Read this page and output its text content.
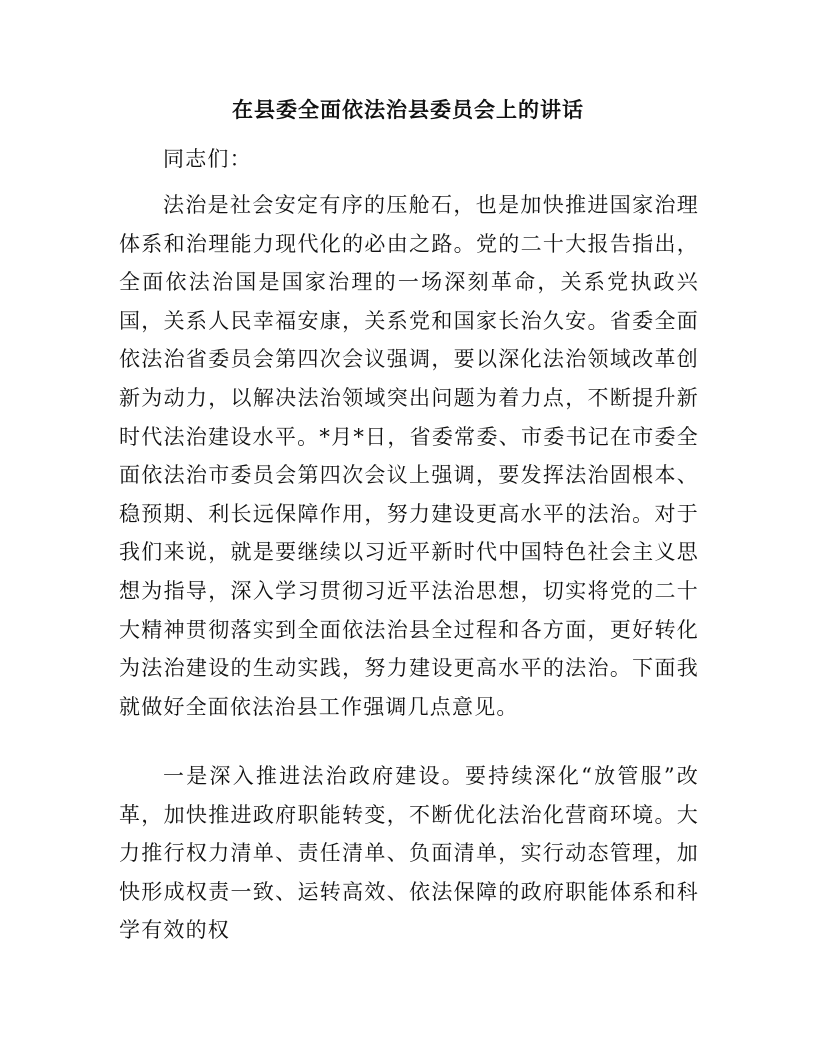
在县委全面依法治县委员会上的讲话

同志们：

法治是社会安定有序的压舱石，也是加快推进国家治理体系和治理能力现代化的必由之路。党的二十大报告指出，全面依法治国是国家治理的一场深刻革命，关系党执政兴国，关系人民幸福安康，关系党和国家长治久安。省委全面依法治省委员会第四次会议强调，要以深化法治领域改革创新为动力，以解决法治领域突出问题为着力点，不断提升新时代法治建设水平。*月*日，省委常委、市委书记在市委全面依法治市委员会第四次会议上强调，要发挥法治固根本、稳预期、利长远保障作用，努力建设更高水平的法治。对于我们来说，就是要继续以习近平新时代中国特色社会主义思想为指导，深入学习贯彻习近平法治思想，切实将党的二十大精神贯彻落实到全面依法治县全过程和各方面，更好转化为法治建设的生动实践，努力建设更高水平的法治。下面我就做好全面依法治县工作强调几点意见。

一是深入推进法治政府建设。要持续深化“放管服”改革，加快推进政府职能转变，不断优化法治化营商环境。大力推行权力清单、责任清单、负面清单，实行动态管理，加快形成权责一致、运转高效、依法保障的政府职能体系和科学有效的权
